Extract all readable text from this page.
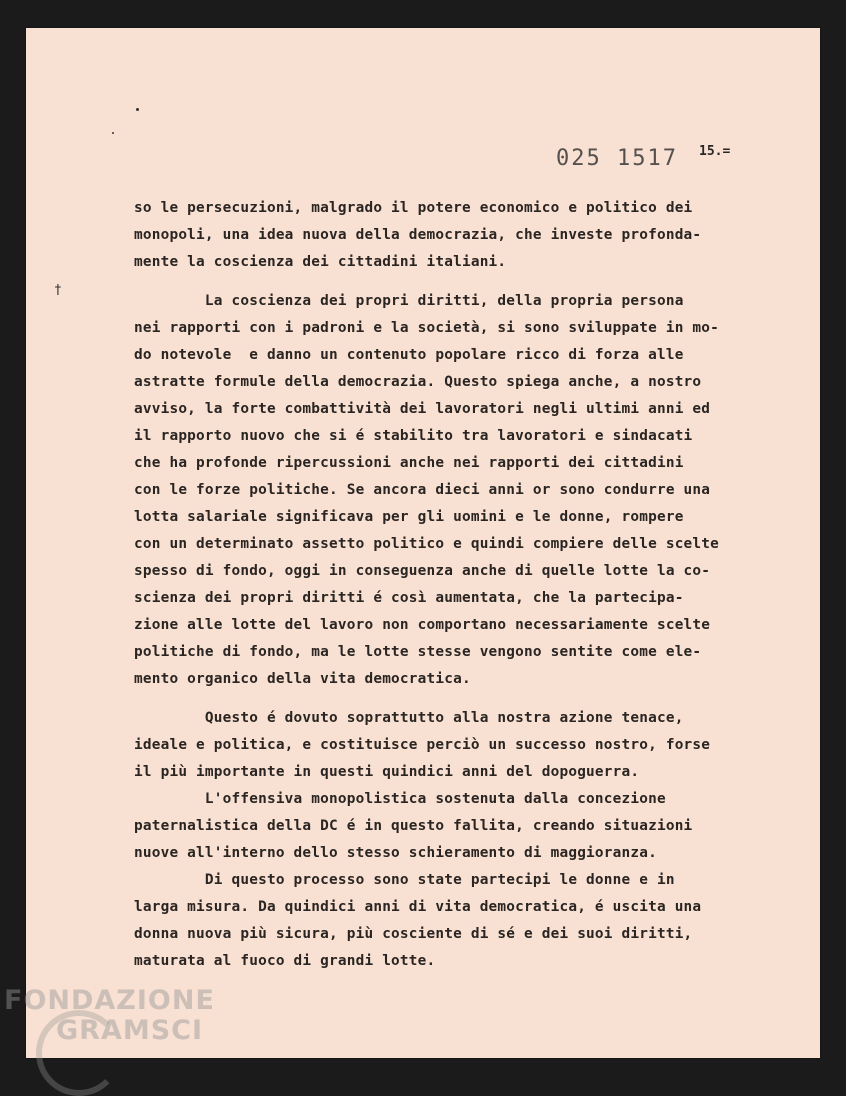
025 1517 15.=
†
so le persecuzioni, malgrado il potere economico e politico dei
monopoli, una idea nuova della democrazia, che investe profonda-
mente la coscienza dei cittadini italiani.
La coscienza dei propri diritti, della propria persona
nei rapporti con i padroni e la società, si sono sviluppate in mo-
do notevole  e danno un contenuto popolare ricco di forza alle
astratte formule della democrazia. Questo spiega anche, a nostro
avviso, la forte combattività dei lavoratori negli ultimi anni ed
il rapporto nuovo che si é stabilito tra lavoratori e sindacati
che ha profonde ripercussioni anche nei rapporti dei cittadini
con le forze politiche. Se ancora dieci anni or sono condurre una
lotta salariale significava per gli uomini e le donne, rompere
con un determinato assetto politico e quindi compiere delle scelte
spesso di fondo, oggi in conseguenza anche di quelle lotte la co-
scienza dei propri diritti é così aumentata, che la partecipa-
zione alle lotte del lavoro non comportano necessariamente scelte
politiche di fondo, ma le lotte stesse vengono sentite come ele-
mento organico della vita democratica.
Questo é dovuto soprattutto alla nostra azione tenace,
ideale e politica, e costituisce perciò un successo nostro, forse
il più importante in questi quindici anni del dopoguerra.
L'offensiva monopolistica sostenuta dalla concezione
paternalistica della DC é in questo fallita, creando situazioni
nuove all'interno dello stesso schieramento di maggioranza.
Di questo processo sono state partecipi le donne e in
larga misura. Da quindici anni di vita democratica, é uscita una
donna nuova più sicura, più cosciente di sé e dei suoi diritti,
maturata al fuoco di grandi lotte.
FONDAZIONE
GRAMSCI
